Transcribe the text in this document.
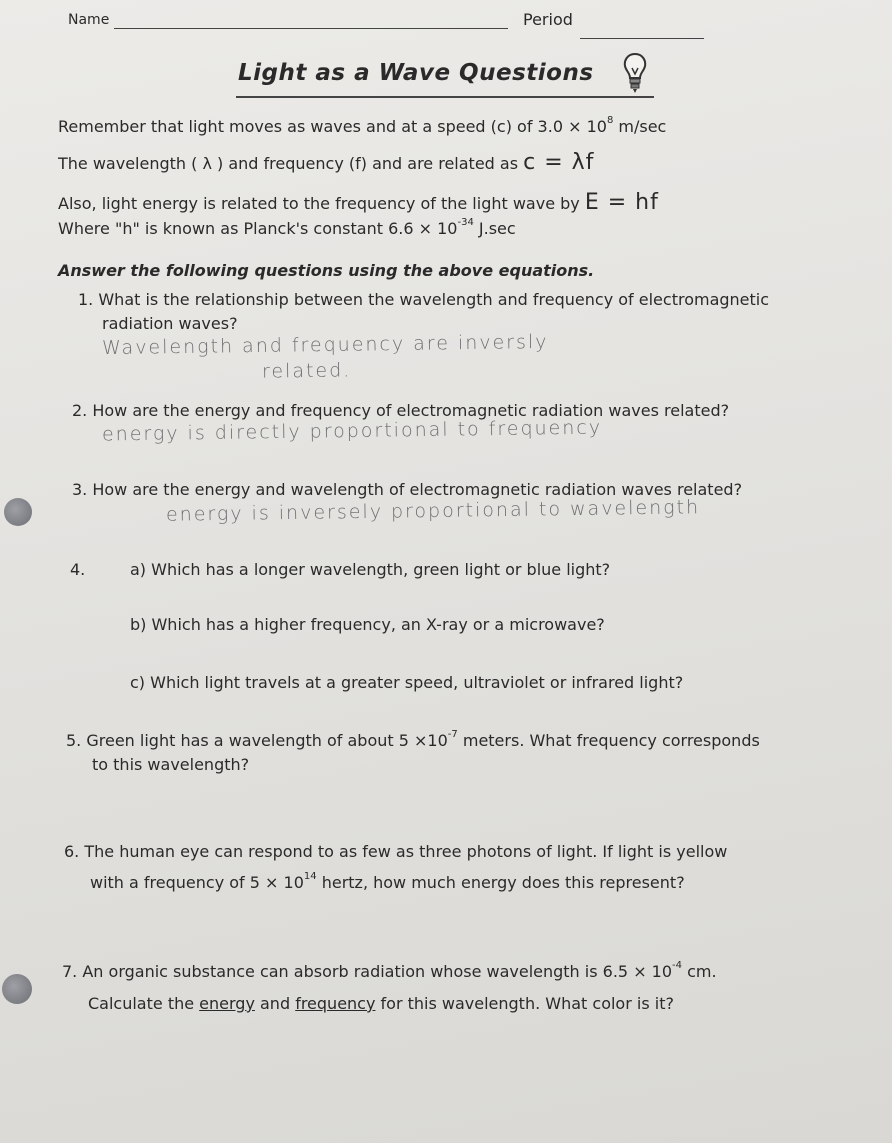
Name	Period
Light as a Wave Questions
Remember that light moves as waves and at a speed (c) of $3.0 \times 10^8$ m/sec
The wavelength ( λ ) and frequency (f) and are related as c = λf
Also, light energy is related to the frequency of the light wave by E = hf
Where "h" is known as Planck's constant $6.6 \times 10^{-34}$ J.sec
Answer the following questions using the above equations.
1. What is the relationship between the wavelength and frequency of electromagnetic
radiation waves?
Wavelength and frequency are inversly
related.
2. How are the energy and frequency of electromagnetic radiation waves related?
energy is directly proportional to frequency
3. How are the energy and wavelength of electromagnetic radiation waves related?
energy is inversely proportional to wavelength
4.	a) Which has a longer wavelength, green light or blue light?
b) Which has a higher frequency, an X-ray or a microwave?
c) Which light travels at a greater speed, ultraviolet or infrared light?
5. Green light has a wavelength of about $5 \times 10^{-7}$ meters. What frequency corresponds
to this wavelength?
6. The human eye can respond to as few as three photons of light. If light is yellow
with a frequency of $5 \times 10^{14}$ hertz, how much energy does this represent?
7. An organic substance can absorb radiation whose wavelength is $6.5 \times 10^{-4}$ cm.
Calculate the energy and frequency for this wavelength. What color is it?
